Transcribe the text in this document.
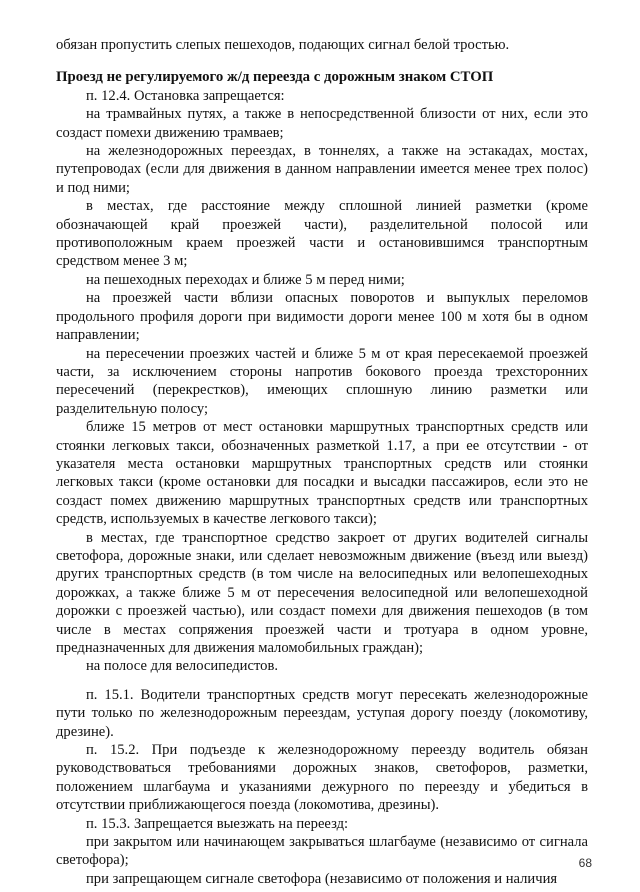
обязан пропустить слепых пешеходов, подающих сигнал белой тростью.

Проезд не регулируемого ж/д переезда с дорожным знаком СТОП

п. 12.4. Остановка запрещается:

на трамвайных путях, а также в непосредственной близости от них, если это создаст помехи движению трамваев;

на железнодорожных переездах, в тоннелях, а также на эстакадах, мостах, путепроводах (если для движения в данном направлении имеется менее трех полос) и под ними;

в местах, где расстояние между сплошной линией разметки (кроме обозначающей край проезжей части), разделительной полосой или противоположным краем проезжей части и остановившимся транспортным средством менее 3 м;

на пешеходных переходах и ближе 5 м перед ними;

на проезжей части вблизи опасных поворотов и выпуклых переломов продольного профиля дороги при видимости дороги менее 100 м хотя бы в одном направлении;

на пересечении проезжих частей и ближе 5 м от края пересекаемой проезжей части, за исключением стороны напротив бокового проезда трехсторонних пересечений (перекрестков), имеющих сплошную линию разметки или разделительную полосу;

ближе 15 метров от мест остановки маршрутных транспортных средств или стоянки легковых такси, обозначенных разметкой 1.17, а при ее отсутствии - от указателя места остановки маршрутных транспортных средств или стоянки легковых такси (кроме остановки для посадки и высадки пассажиров, если это не создаст помех движению маршрутных транспортных средств или транспортных средств, используемых в качестве легкового такси);

в местах, где транспортное средство закроет от других водителей сигналы светофора, дорожные знаки, или сделает невозможным движение (въезд или выезд) других транспортных средств (в том числе на велосипедных или велопешеходных дорожках, а также ближе 5 м от пересечения велосипедной или велопешеходной дорожки с проезжей частью), или создаст помехи для движения пешеходов (в том числе в местах сопряжения проезжей части и тротуара в одном уровне, предназначенных для движения маломобильных граждан);

на полосе для велосипедистов.

п. 15.1. Водители транспортных средств могут пересекать железнодорожные пути только по железнодорожным переездам, уступая дорогу поезду (локомотиву, дрезине).

п. 15.2. При подъезде к железнодорожному переезду водитель обязан руководствоваться требованиями дорожных знаков, светофоров, разметки, положением шлагбаума и указаниями дежурного по переезду и убедиться в отсутствии приближающегося поезда (локомотива, дрезины).

п. 15.3. Запрещается выезжать на переезд:

при закрытом или начинающем закрываться шлагбауме (независимо от сигнала светофора);

при запрещающем сигнале светофора (независимо от положения и наличия

68
